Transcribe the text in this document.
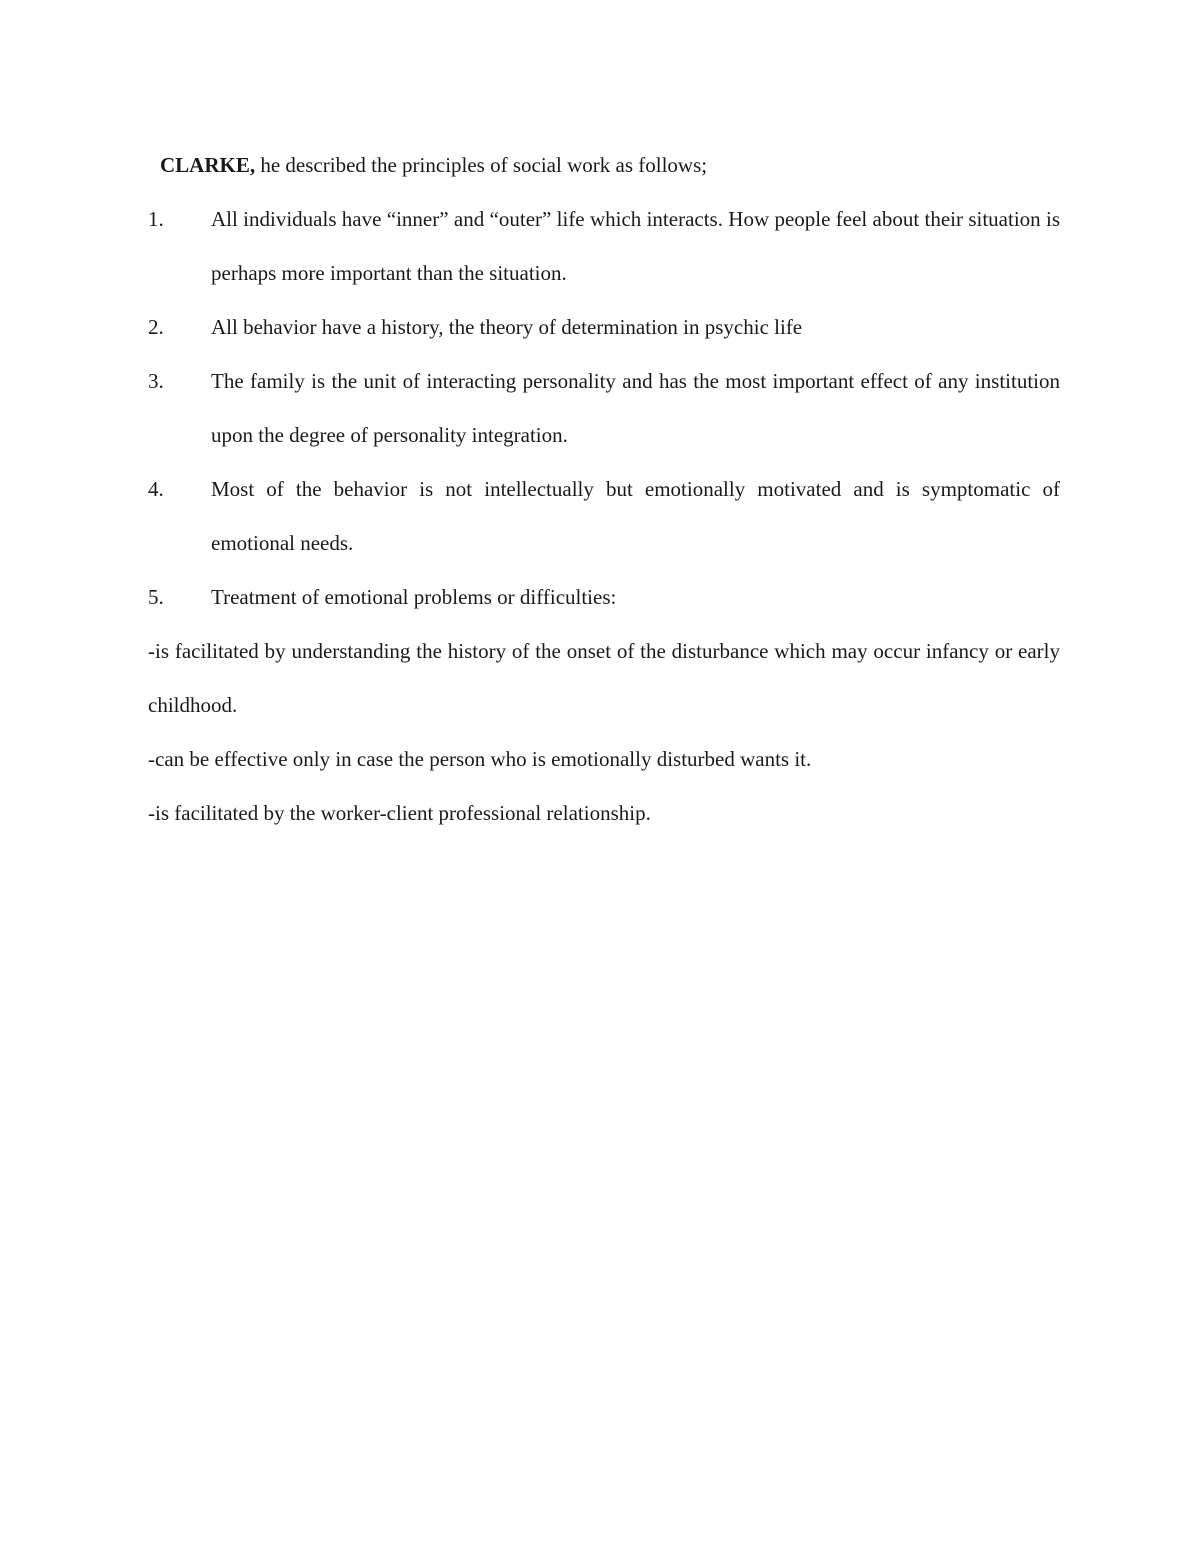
CLARKE, he described the principles of social work as follows;

1.	All individuals have “inner” and “outer” life which interacts. How people feel about their situation is perhaps more important than the situation.
2.	All behavior have a history, the theory of determination in psychic life
3.	The family is the unit of interacting personality and has the most important effect of any institution upon the degree of personality integration.
4.	Most of the behavior is not intellectually but emotionally motivated and is symptomatic of emotional needs.
5.	Treatment of emotional problems or difficulties:

-is facilitated by understanding the history of the onset of the disturbance which may occur infancy or early childhood.

-can be effective only in case the person who is emotionally disturbed wants it.

-is facilitated by the worker-client professional relationship.
